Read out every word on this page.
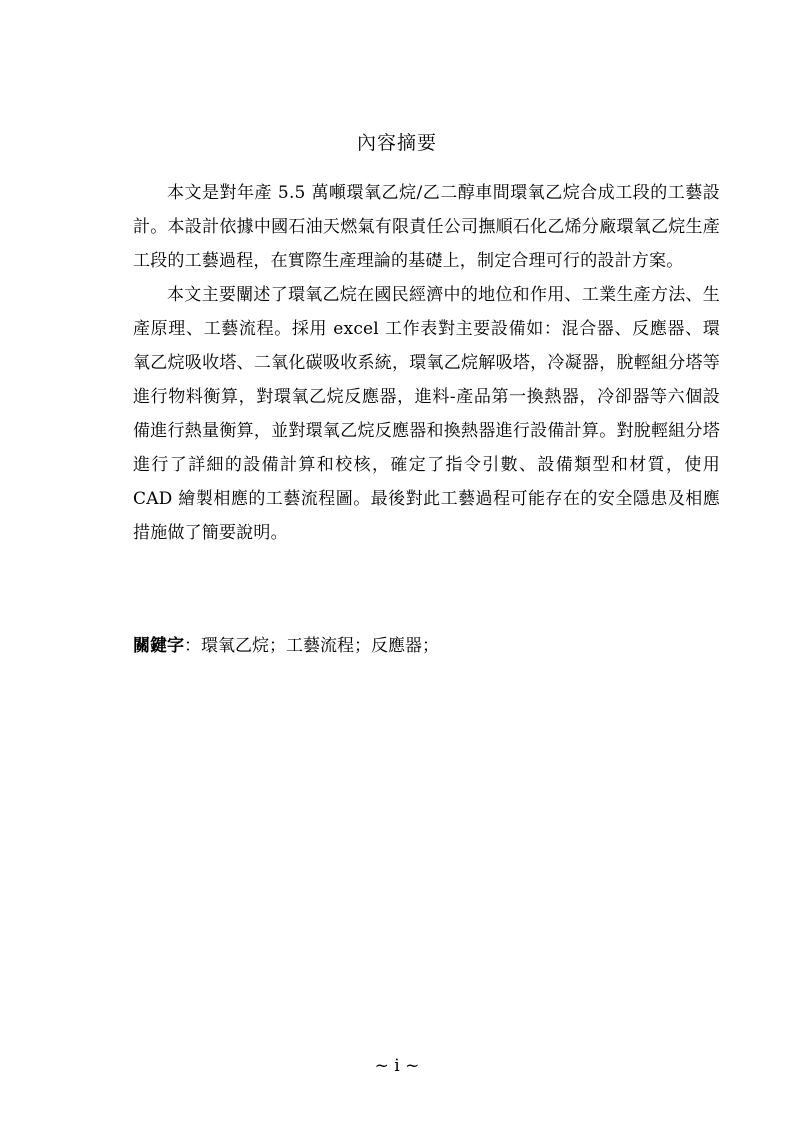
內容摘要

本文是對年產 5.5 萬噸環氧乙烷/乙二醇車間環氧乙烷合成工段的工藝設計。本設計依據中國石油天燃氣有限責任公司撫順石化乙烯分廠環氧乙烷生產工段的工藝過程，在實際生產理論的基礎上，制定合理可行的設計方案。

本文主要闡述了環氧乙烷在國民經濟中的地位和作用、工業生產方法、生產原理、工藝流程。採用 excel 工作表對主要設備如：混合器、反應器、環氧乙烷吸收塔、二氧化碳吸收系統，環氧乙烷解吸塔，冷凝器，脫輕組分塔等進行物料衡算，對環氧乙烷反應器，進料-產品第一換熱器，冷卻器等六個設備進行熱量衡算，並對環氧乙烷反應器和換熱器進行設備計算。對脫輕組分塔進行了詳細的設備計算和校核，確定了指令引數、設備類型和材質，使用 CAD 繪製相應的工藝流程圖。最後對此工藝過程可能存在的安全隱患及相應措施做了簡要說明。

關鍵字：環氧乙烷；工藝流程；反應器；
~ i ~
